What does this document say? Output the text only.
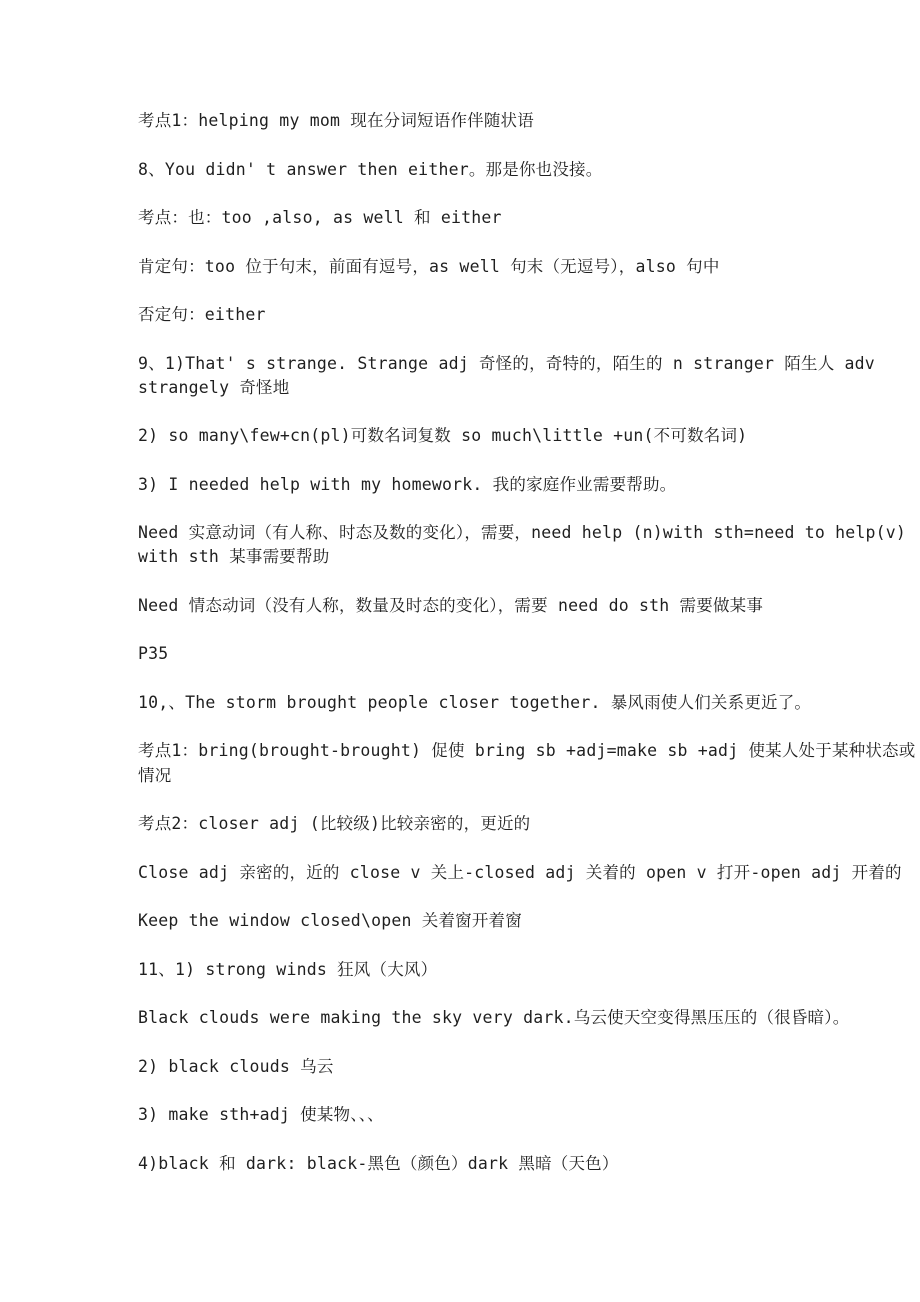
考点1：helping my mom 现在分词短语作伴随状语

8、You didn' t answer then either。那是你也没接。

考点：也：too ,also, as well 和 either

肯定句：too 位于句末，前面有逗号，as well 句末（无逗号），also 句中

否定句：either

9、1)That' s strange. Strange adj 奇怪的，奇特的，陌生的 n stranger 陌生人 adv
strangely 奇怪地

2) so many\few+cn(pl)可数名词复数 so much\little +un(不可数名词)

3) I needed help with my homework. 我的家庭作业需要帮助。

Need 实意动词（有人称、时态及数的变化），需要，need help (n)with sth=need to help(v)
with sth 某事需要帮助

Need 情态动词（没有人称，数量及时态的变化），需要 need do sth 需要做某事

P35

10,、The storm brought people closer together. 暴风雨使人们关系更近了。

考点1：bring(brought-brought) 促使 bring sb +adj=make sb +adj 使某人处于某种状态或
情况

考点2：closer adj (比较级)比较亲密的，更近的

Close adj 亲密的，近的 close v 关上-closed adj 关着的 open v 打开-open adj 开着的

Keep the window closed\open 关着窗开着窗

11、1) strong winds 狂风（大风）

Black clouds were making the sky very dark.乌云使天空变得黑压压的（很昏暗）。

2) black clouds 乌云

3) make sth+adj 使某物、、、

4)black 和 dark: black-黑色（颜色）dark 黑暗（天色）
